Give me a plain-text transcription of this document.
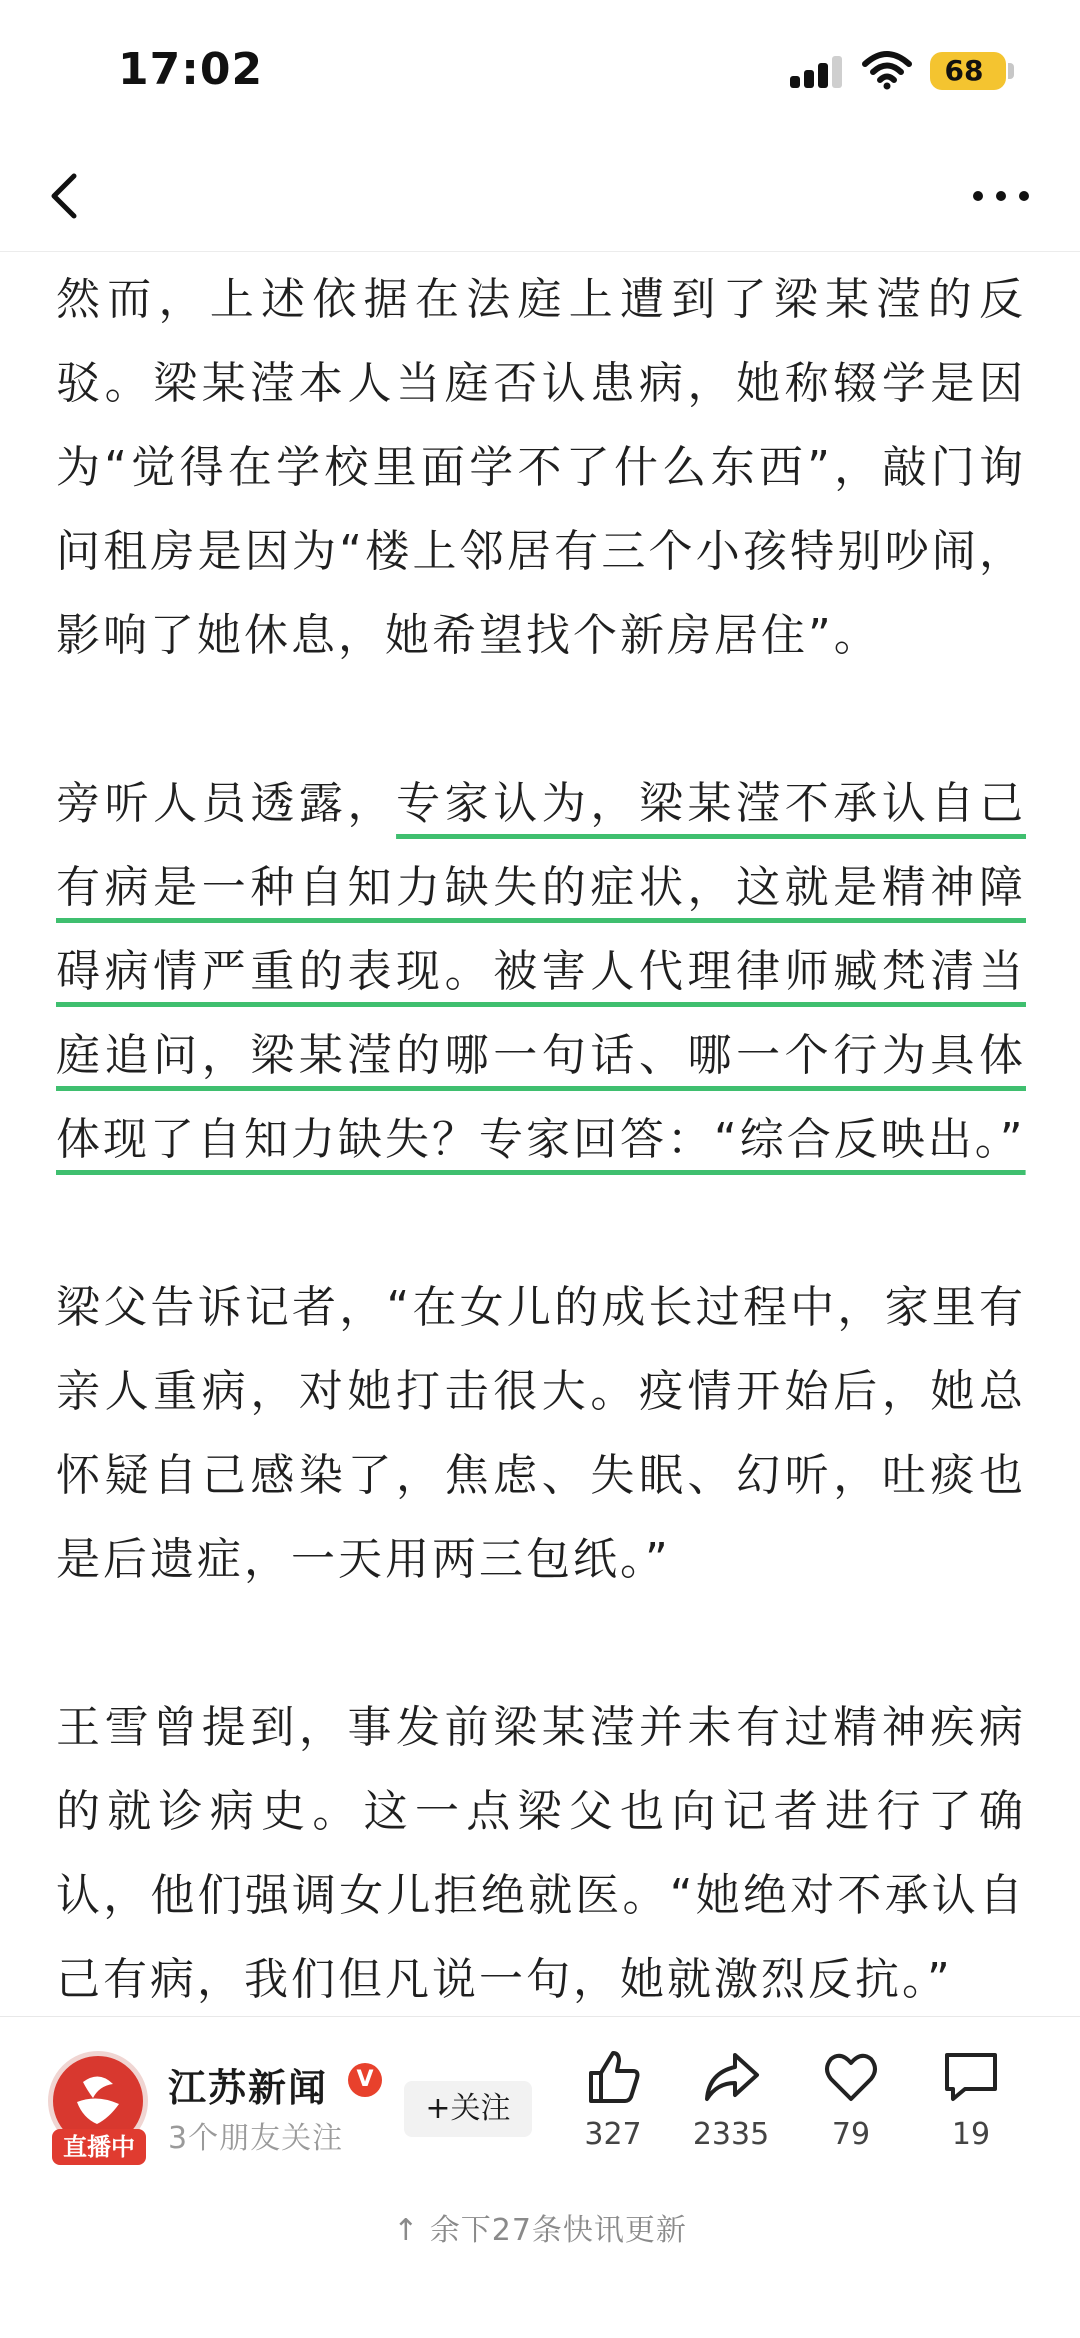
17:02	68

然而，上述依据在法庭上遭到了梁某滢的反驳。梁某滢本人当庭否认患病，她称辍学是因为“觉得在学校里面学不了什么东西”，敲门询问租房是因为“楼上邻居有三个小孩特别吵闹，影响了她休息，她希望找个新房居住”。

旁听人员透露，专家认为，梁某滢不承认自己有病是一种自知力缺失的症状，这就是精神障碍病情严重的表现。被害人代理律师臧梵清当庭追问，梁某滢的哪一句话、哪一个行为具体体现了自知力缺失？专家回答：“综合反映出。”

梁父告诉记者，“在女儿的成长过程中，家里有亲人重病，对她打击很大。疫情开始后，她总怀疑自己感染了，焦虑、失眠、幻听，吐痰也是后遗症，一天用两三包纸。”

王雪曾提到，事发前梁某滢并未有过精神疾病的就诊病史。这一点梁父也向记者进行了确认，他们强调女儿拒绝就医。“她绝对不承认自己有病，我们但凡说一句，她就激烈反抗。”

直播中
江苏新闻	V
3个朋友关注
+关注
327	2335	79	19
↑ 余下27条快讯更新
